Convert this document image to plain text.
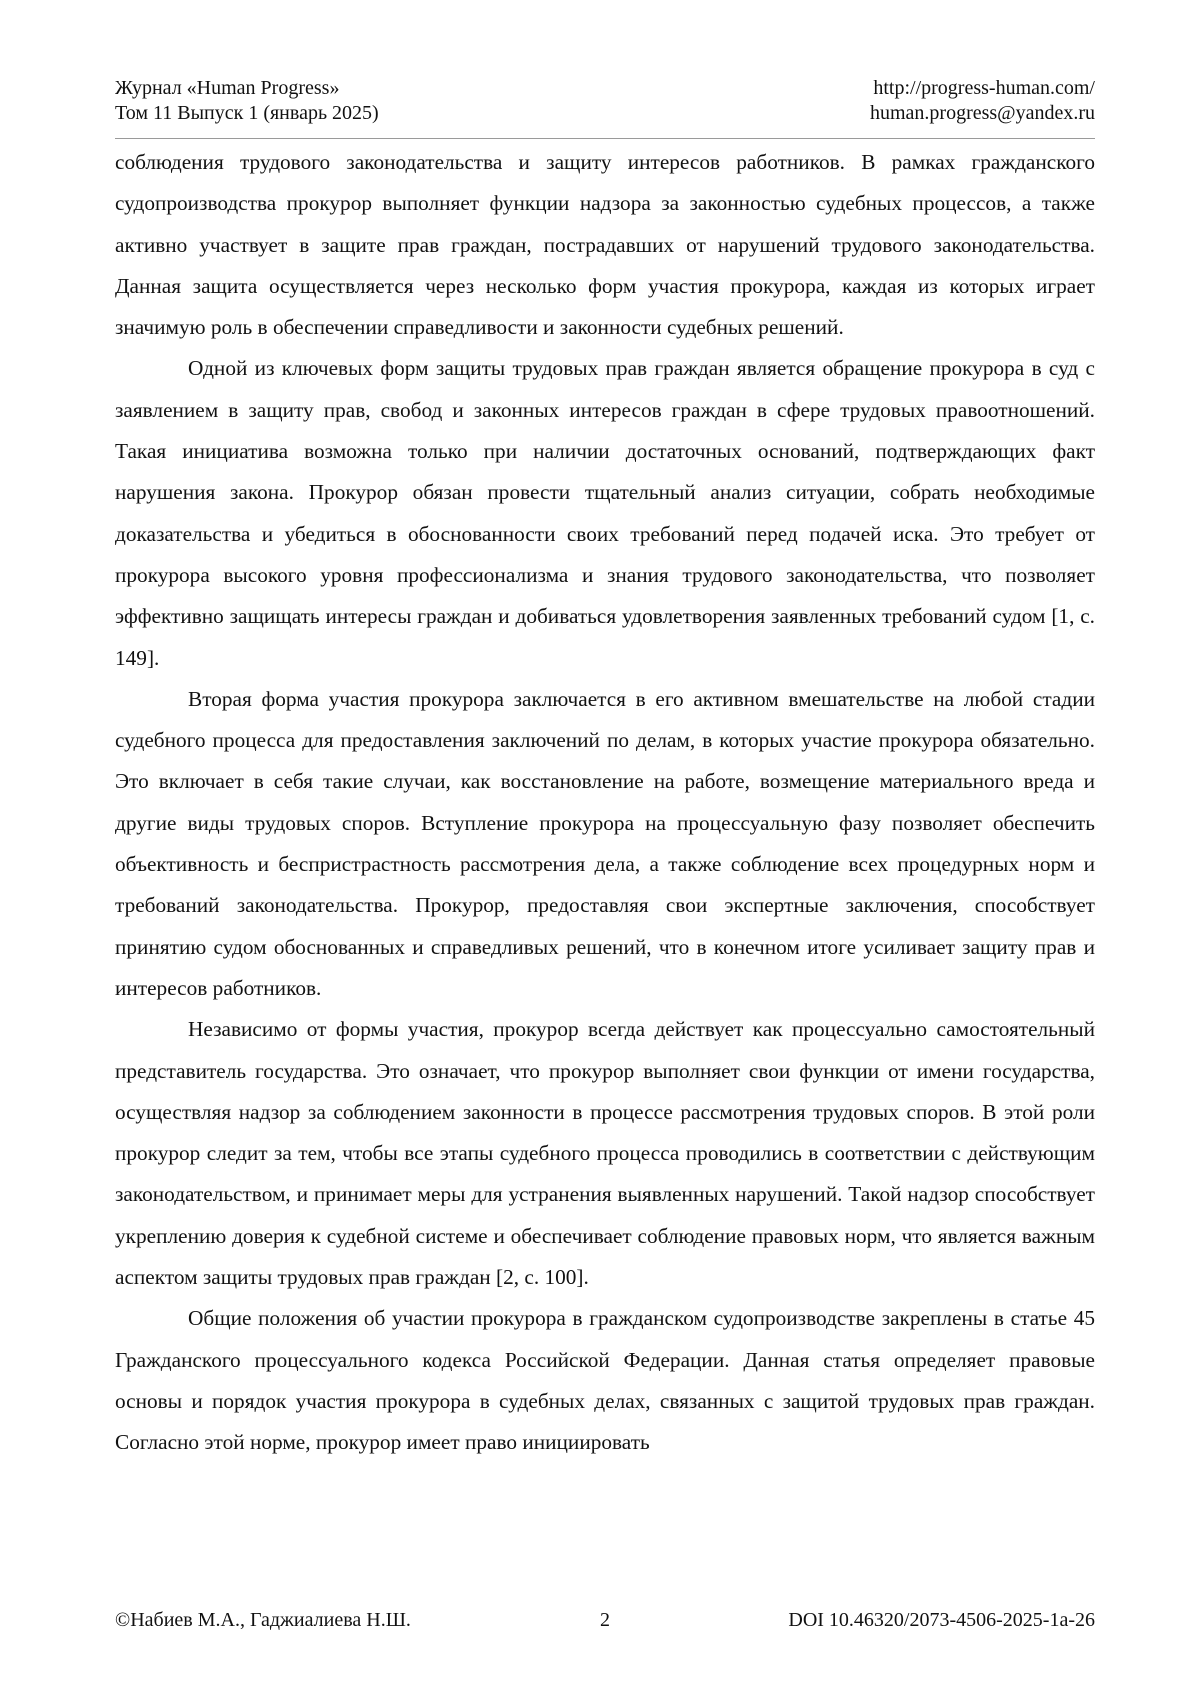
Журнал «Human Progress»	http://progress-human.com/
Том 11 Выпуск 1 (январь 2025)	human.progress@yandex.ru

соблюдения трудового законодательства и защиту интересов работников. В рамках гражданского судопроизводства прокурор выполняет функции надзора за законностью судебных процессов, а также активно участвует в защите прав граждан, пострадавших от нарушений трудового законодательства. Данная защита осуществляется через несколько форм участия прокурора, каждая из которых играет значимую роль в обеспечении справедливости и законности судебных решений.

Одной из ключевых форм защиты трудовых прав граждан является обращение прокурора в суд с заявлением в защиту прав, свобод и законных интересов граждан в сфере трудовых правоотношений. Такая инициатива возможна только при наличии достаточных оснований, подтверждающих факт нарушения закона. Прокурор обязан провести тщательный анализ ситуации, собрать необходимые доказательства и убедиться в обоснованности своих требований перед подачей иска. Это требует от прокурора высокого уровня профессионализма и знания трудового законодательства, что позволяет эффективно защищать интересы граждан и добиваться удовлетворения заявленных требований судом [1, с. 149].

Вторая форма участия прокурора заключается в его активном вмешательстве на любой стадии судебного процесса для предоставления заключений по делам, в которых участие прокурора обязательно. Это включает в себя такие случаи, как восстановление на работе, возмещение материального вреда и другие виды трудовых споров. Вступление прокурора на процессуальную фазу позволяет обеспечить объективность и беспристрастность рассмотрения дела, а также соблюдение всех процедурных норм и требований законодательства. Прокурор, предоставляя свои экспертные заключения, способствует принятию судом обоснованных и справедливых решений, что в конечном итоге усиливает защиту прав и интересов работников.

Независимо от формы участия, прокурор всегда действует как процессуально самостоятельный представитель государства. Это означает, что прокурор выполняет свои функции от имени государства, осуществляя надзор за соблюдением законности в процессе рассмотрения трудовых споров. В этой роли прокурор следит за тем, чтобы все этапы судебного процесса проводились в соответствии с действующим законодательством, и принимает меры для устранения выявленных нарушений. Такой надзор способствует укреплению доверия к судебной системе и обеспечивает соблюдение правовых норм, что является важным аспектом защиты трудовых прав граждан [2, с. 100].

Общие положения об участии прокурора в гражданском судопроизводстве закреплены в статье 45 Гражданского процессуального кодекса Российской Федерации. Данная статья определяет правовые основы и порядок участия прокурора в судебных делах, связанных с защитой трудовых прав граждан. Согласно этой норме, прокурор имеет право инициировать

©Набиев М.А., Гаджиалиева Н.Ш.	2	DOI 10.46320/2073-4506-2025-1a-26
